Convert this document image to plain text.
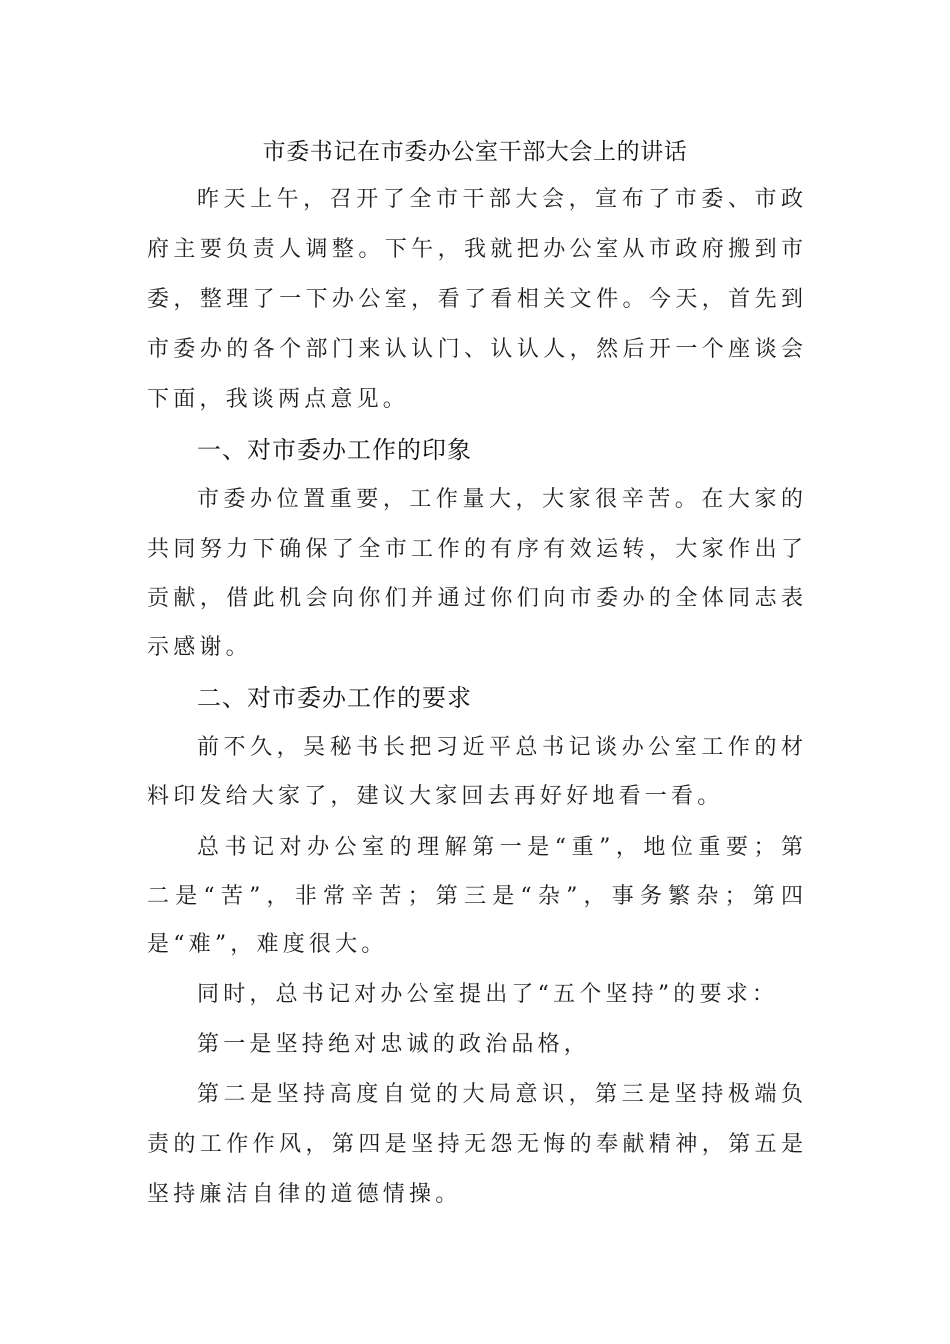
市委书记在市委办公室干部大会上的讲话
昨天上午，召开了全市干部大会，宣布了市委、市政
府主要负责人调整。下午，我就把办公室从市政府搬到市
委，整理了一下办公室，看了看相关文件。今天，首先到
市委办的各个部门来认认门、认认人，然后开一个座谈会
下面，我谈两点意见。
一、对市委办工作的印象
市委办位置重要，工作量大，大家很辛苦。在大家的
共同努力下确保了全市工作的有序有效运转，大家作出了
贡献，借此机会向你们并通过你们向市委办的全体同志表
示感谢。
二、对市委办工作的要求
前不久，吴秘书长把习近平总书记谈办公室工作的材
料印发给大家了，建议大家回去再好好地看一看。
总书记对办公室的理解第一是“重”，地位重要；第
二是“苦”，非常辛苦；第三是“杂”，事务繁杂；第四
是“难”，难度很大。
同时，总书记对办公室提出了“五个坚持”的要求：
第一是坚持绝对忠诚的政治品格，
第二是坚持高度自觉的大局意识，第三是坚持极端负
责的工作作风，第四是坚持无怨无悔的奉献精神，第五是
坚持廉洁自律的道德情操。
